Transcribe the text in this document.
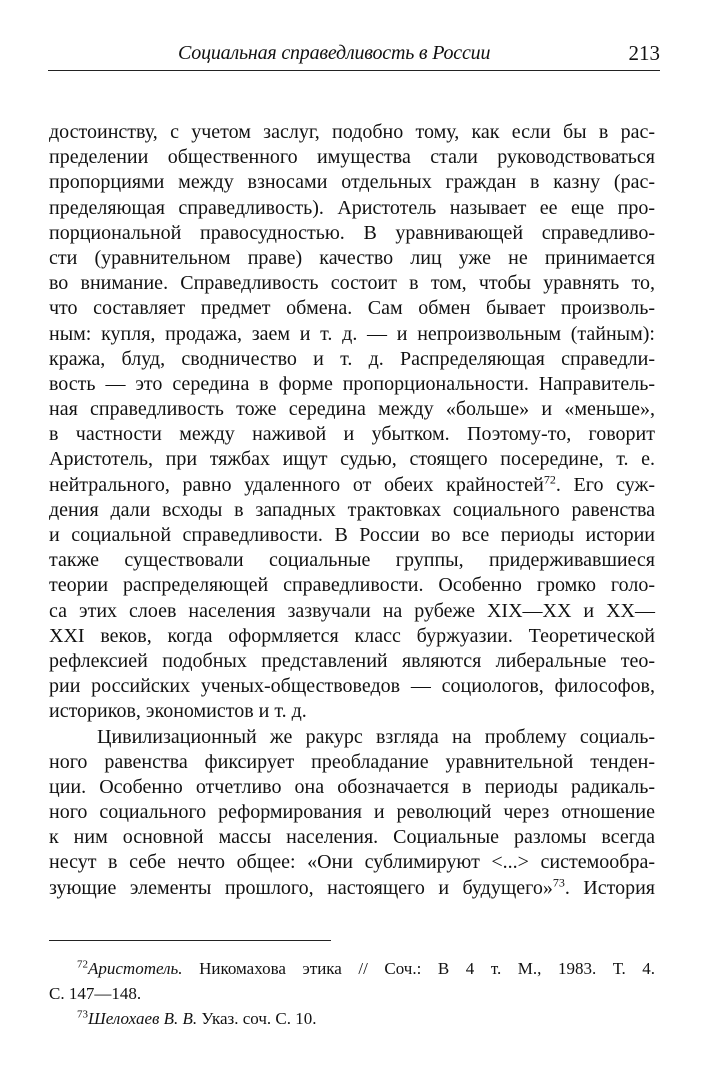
Социальная справедливость в России	213
достоинству, с учетом заслуг, подобно тому, как если бы в рас-
пределении общественного имущества стали руководствоваться
пропорциями между взносами отдельных граждан в казну (рас-
пределяющая справедливость). Аристотель называет ее еще про-
порциональной правосудностью. В уравнивающей справедливо-
сти (уравнительном праве) качество лиц уже не принимается
во внимание. Справедливость состоит в том, чтобы уравнять то,
что составляет предмет обмена. Сам обмен бывает произволь-
ным: купля, продажа, заем и т. д. — и непроизвольным (тайным):
кража, блуд, сводничество и т. д. Распределяющая справедли-
вость — это середина в форме пропорциональности. Направитель-
ная справедливость тоже середина между «больше» и «меньше»,
в частности между наживой и убытком. Поэтому-то, говорит
Аристотель, при тяжбах ищут судью, стоящего посередине, т. е.
нейтрального, равно удаленного от обеих крайностей$^{72}$. Его суж-
дения дали всходы в западных трактовках социального равенства
и социальной справедливости. В России во все периоды истории
также существовали социальные группы, придерживавшиеся
теории распределяющей справедливости. Особенно громко голо-
са этих слоев населения зазвучали на рубеже XIX—XX и XX—
XXI веков, когда оформляется класс буржуазии. Теоретической
рефлексией подобных представлений являются либеральные тео-
рии российских ученых-обществоведов — социологов, философов,
историков, экономистов и т. д.
Цивилизационный же ракурс взгляда на проблему социаль-
ного равенства фиксирует преобладание уравнительной тенден-
ции. Особенно отчетливо она обозначается в периоды радикаль-
ного социального реформирования и революций через отношение
к ним основной массы населения. Социальные разломы всегда
несут в себе нечто общее: «Они сублимируют <...> системообра-
зующие элементы прошлого, настоящего и будущего»$^{73}$. История
$^{72}$Аристотель. Никомахова этика // Соч.: В 4 т. М., 1983. Т. 4.
С. 147—148.
$^{73}$Шелохаев В. В. Указ. соч. С. 10.
